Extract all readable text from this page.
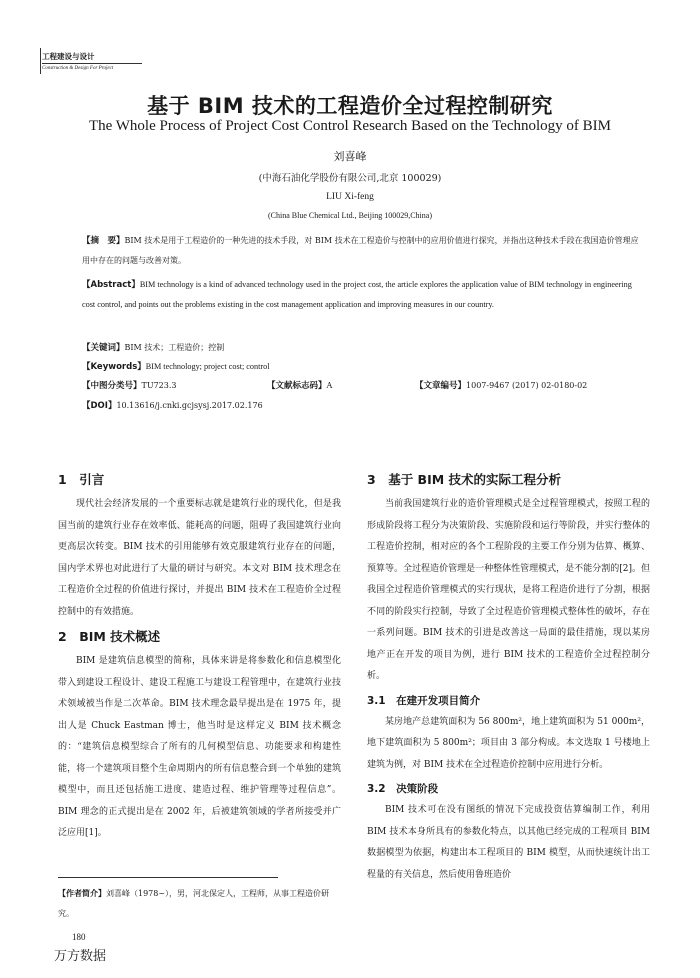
工程建设与设计
Construction & Design For Project
基于 BIM 技术的工程造价全过程控制研究
The Whole Process of Project Cost Control Research Based on the Technology of BIM
刘喜峰
(中海石油化学股份有限公司,北京 100029)
LIU Xi-feng
(China Blue Chemical Ltd., Beijing 100029,China)
【摘　要】BIM 技术是用于工程造价的一种先进的技术手段，对 BIM 技术在工程造价与控制中的应用价值进行探究，并指出这种技术手段在我国造价管理应用中存在的问题与改善对策。
【Abstract】BIM technology is a kind of advanced technology used in the project cost, the article explores the application value of BIM technology in engineering cost control, and points out the problems existing in the cost management application and improving measures in our country.
【关键词】BIM 技术；工程造价；控制
【Keywords】BIM technology; project cost; control
【中图分类号】TU723.3	【文献标志码】A	【文章编号】1007-9467 (2017) 02-0180-02
【DOI】10.13616/j.cnki.gcjsysj.2017.02.176
1　引言

现代社会经济发展的一个重要标志就是建筑行业的现代化，但是我国当前的建筑行业存在效率低、能耗高的问题，阻碍了我国建筑行业向更高层次转变。BIM 技术的引用能够有效克服建筑行业存在的问题，国内学术界也对此进行了大量的研讨与研究。本文对 BIM 技术理念在工程造价全过程的价值进行探讨，并提出 BIM 技术在工程造价全过程控制中的有效措施。

2　BIM 技术概述

BIM 是建筑信息模型的简称，具体来讲是将参数化和信息模型化带入到建设工程设计、建设工程施工与建设工程管理中，在建筑行业技术领域被当作是二次革命。BIM 技术理念最早提出是在 1975 年，提出人是 Chuck Eastman 博士，他当时是这样定义 BIM 技术概念的：“建筑信息模型综合了所有的几何模型信息、功能要求和构建性能，将一个建筑项目整个生命周期内的所有信息整合到一个单独的建筑模型中，而且还包括施工进度、建造过程、维护管理等过程信息”。BIM 理念的正式提出是在 2002 年，后被建筑领域的学者所接受并广泛应用[1]。

3　基于 BIM 技术的实际工程分析

当前我国建筑行业的造价管理模式是全过程管理模式，按照工程的形成阶段将工程分为决策阶段、实施阶段和运行等阶段，并实行整体的工程造价控制，相对应的各个工程阶段的主要工作分别为估算、概算、预算等。全过程造价管理是一种整体性管理模式，是不能分割的[2]。但我国全过程造价管理模式的实行现状，是将工程造价进行了分割，根据不同的阶段实行控制，导致了全过程造价管理模式整体性的破坏，存在一系列问题。BIM 技术的引进是改善这一局面的最佳措施，现以某房地产正在开发的项目为例，进行 BIM 技术的工程造价全过程控制分析。

3.1　在建开发项目简介

某房地产总建筑面积为 56 800m²，地上建筑面积为 51 000m²，地下建筑面积为 5 800m²；项目由 3 部分构成。本文选取 1 号楼地上建筑为例，对 BIM 技术在全过程造价控制中应用进行分析。

3.2　决策阶段

BIM 技术可在没有图纸的情况下完成投资估算编制工作，利用 BIM 技术本身所具有的参数化特点，以其他已经完成的工程项目 BIM 数据模型为依据，构建出本工程项目的 BIM 模型，从而快速统计出工程量的有关信息，然后使用鲁班造价

【作者简介】刘喜峰（1978~），男，河北保定人，工程师，从事工程造价研究。
180
万方数据
